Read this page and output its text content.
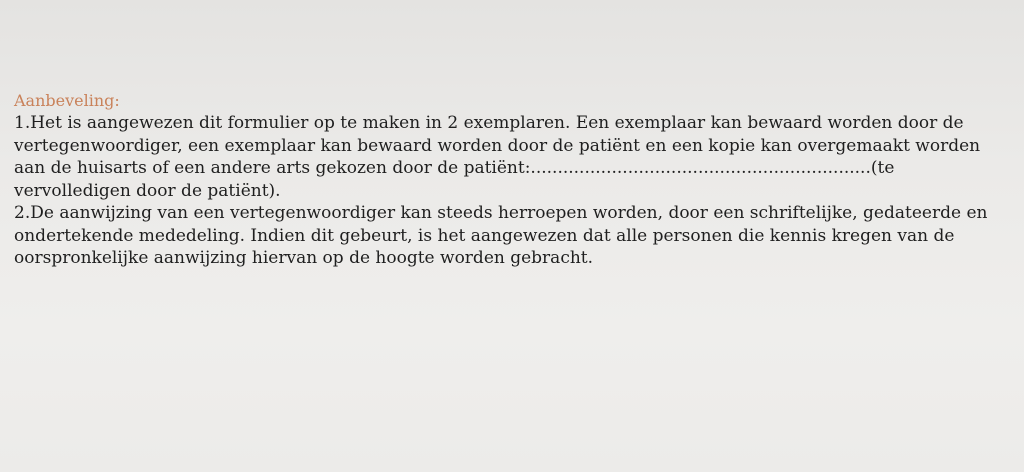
Aanbeveling:
1.Het is aangewezen dit formulier op te maken in 2 exemplaren. Een exemplaar kan bewaard worden door de
vertegenwoordiger, een exemplaar kan bewaard worden door de patiënt en een kopie kan overgemaakt worden
aan de huisarts of een andere arts gekozen door de patiënt:...............................................................(te
vervolledigen door de patiënt).
2.De aanwijzing van een vertegenwoordiger kan steeds herroepen worden, door een schriftelijke, gedateerde en
ondertekende mededeling. Indien dit gebeurt, is het aangewezen dat alle personen die kennis kregen van de
oorspronkelijke aanwijzing hiervan op de hoogte worden gebracht.
